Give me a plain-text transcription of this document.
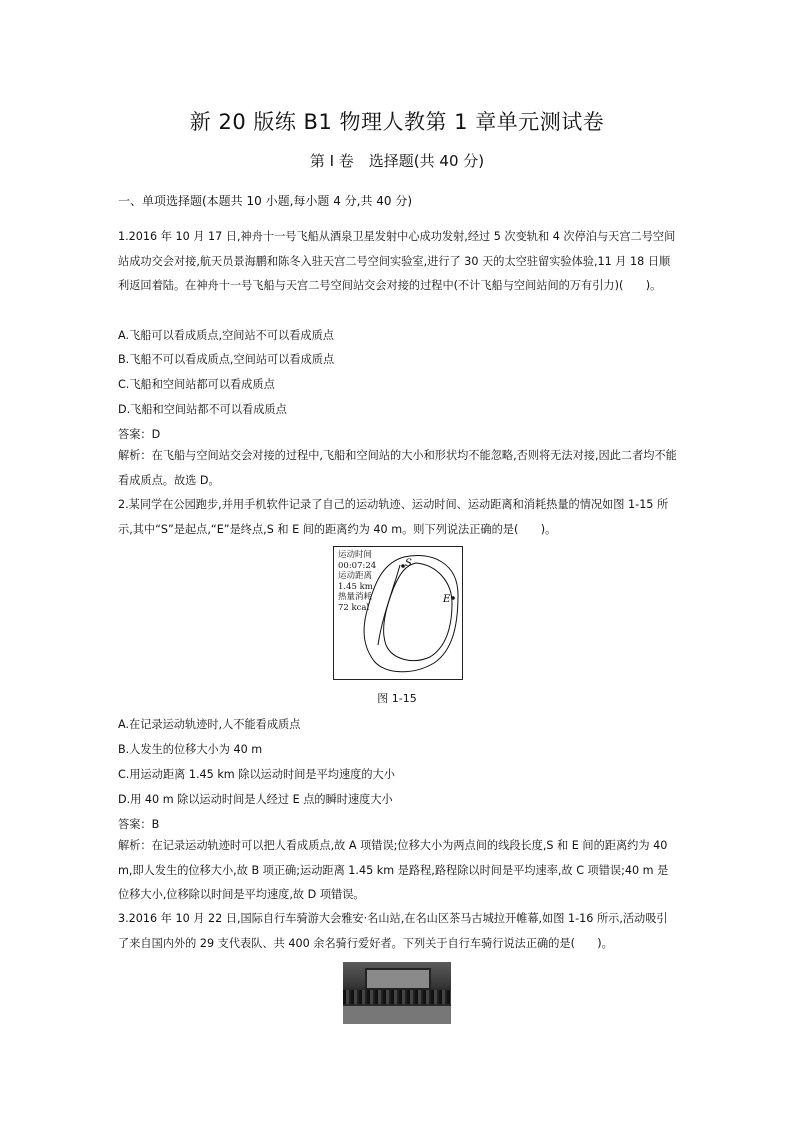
新 20 版练 B1 物理人教第 1 章单元测试卷
第 Ⅰ 卷　选择题(共 40 分)
一、单项选择题(本题共 10 小题,每小题 4 分,共 40 分)

1.2016 年 10 月 17 日,神舟十一号飞船从酒泉卫星发射中心成功发射,经过 5 次变轨和 4 次停泊与天宫二号空间站成功交会对接,航天员景海鹏和陈冬入驻天宫二号空间实验室,进行了 30 天的太空驻留实验体验,11 月 18 日顺利返回着陆。在神舟十一号飞船与天宫二号空间站交会对接的过程中(不计飞船与空间站间的万有引力)(　　)。

A.飞船可以看成质点,空间站不可以看成质点
B.飞船不可以看成质点,空间站可以看成质点
C.飞船和空间站都可以看成质点
D.飞船和空间站都不可以看成质点
答案：D

解析：在飞船与空间站交会对接的过程中,飞船和空间站的大小和形状均不能忽略,否则将无法对接,因此二者均不能看成质点。故选 D。

2.某同学在公园跑步,并用手机软件记录了自己的运动轨迹、运动时间、运动距离和消耗热量的情况如图 1-15 所示,其中“S”是起点,“E”是终点,S 和 E 间的距离约为 40 m。则下列说法正确的是(　　)。

运动时间
00:07:24
运动距离
1.45 km
热量消耗
72 kcal
S
E
图 1-15
A.在记录运动轨迹时,人不能看成质点
B.人发生的位移大小为 40 m
C.用运动距离 1.45 km 除以运动时间是平均速度的大小
D.用 40 m 除以运动时间是人经过 E 点的瞬时速度大小
答案：B

解析：在记录运动轨迹时可以把人看成质点,故 A 项错误;位移大小为两点间的线段长度,S 和 E 间的距离约为 40 m,即人发生的位移大小,故 B 项正确;运动距离 1.45 km 是路程,路程除以时间是平均速率,故 C 项错误;40 m 是位移大小,位移除以时间是平均速度,故 D 项错误。

3.2016 年 10 月 22 日,国际自行车骑游大会雅安·名山站,在名山区茶马古城拉开帷幕,如图 1-16 所示,活动吸引了来自国内外的 29 支代表队、共 400 余名骑行爱好者。下列关于自行车骑行说法正确的是(　　)。
